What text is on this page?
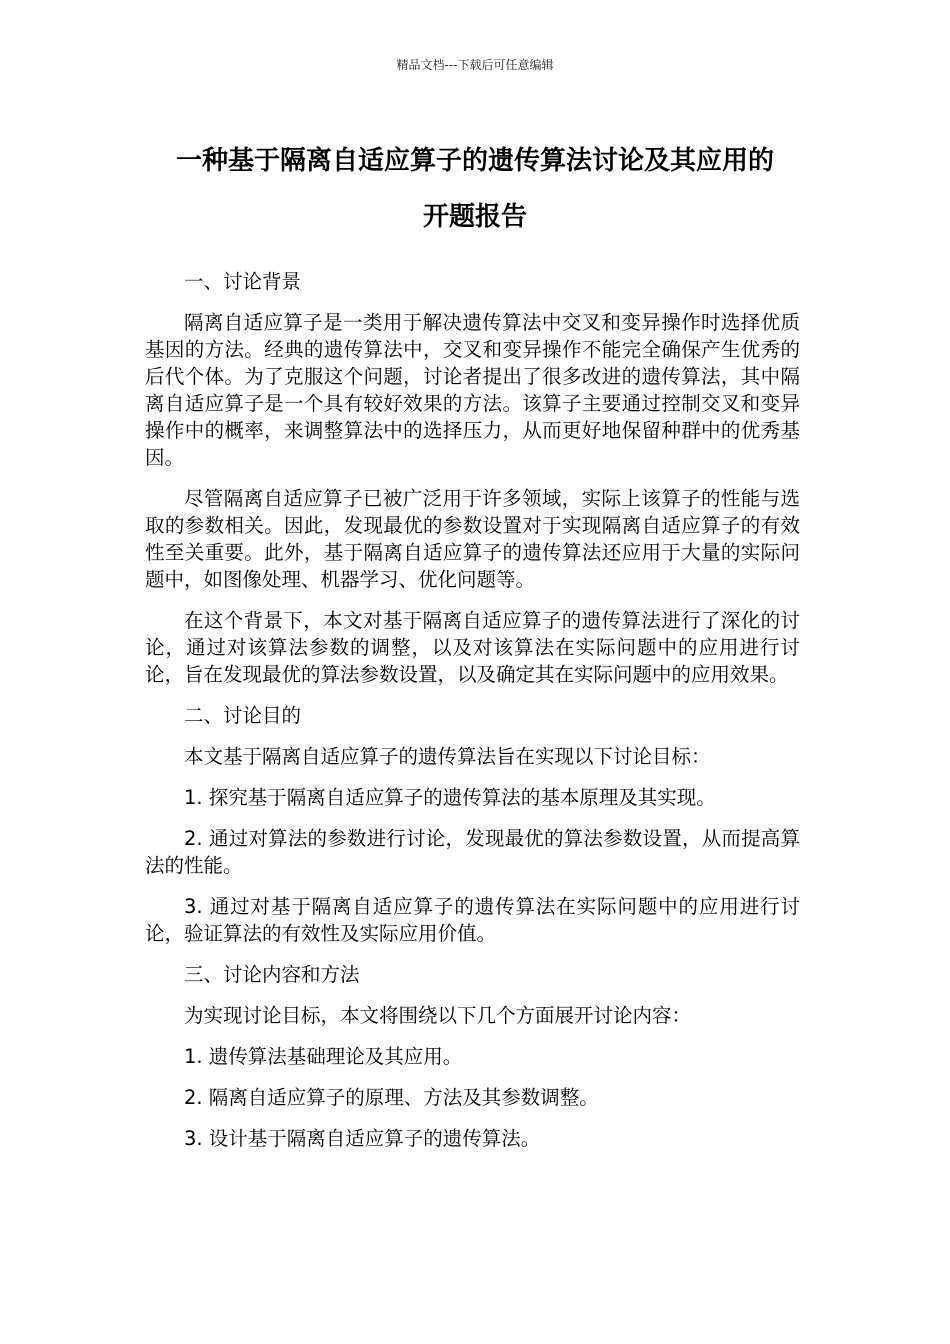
精品文档---下载后可任意编辑
一种基于隔离自适应算子的遗传算法讨论及其应用的
开题报告

一、讨论背景

隔离自适应算子是一类用于解决遗传算法中交叉和变异操作时选择优质基因的方法。经典的遗传算法中，交叉和变异操作不能完全确保产生优秀的后代个体。为了克服这个问题，讨论者提出了很多改进的遗传算法，其中隔离自适应算子是一个具有较好效果的方法。该算子主要通过控制交叉和变异操作中的概率，来调整算法中的选择压力，从而更好地保留种群中的优秀基因。

尽管隔离自适应算子已被广泛用于许多领域，实际上该算子的性能与选取的参数相关。因此，发现最优的参数设置对于实现隔离自适应算子的有效性至关重要。此外，基于隔离自适应算子的遗传算法还应用于大量的实际问题中，如图像处理、机器学习、优化问题等。

在这个背景下，本文对基于隔离自适应算子的遗传算法进行了深化的讨论，通过对该算法参数的调整，以及对该算法在实际问题中的应用进行讨论，旨在发现最优的算法参数设置，以及确定其在实际问题中的应用效果。

二、讨论目的

本文基于隔离自适应算子的遗传算法旨在实现以下讨论目标：

1. 探究基于隔离自适应算子的遗传算法的基本原理及其实现。

2. 通过对算法的参数进行讨论，发现最优的算法参数设置，从而提高算法的性能。

3. 通过对基于隔离自适应算子的遗传算法在实际问题中的应用进行讨论，验证算法的有效性及实际应用价值。

三、讨论内容和方法

为实现讨论目标，本文将围绕以下几个方面展开讨论内容：

1. 遗传算法基础理论及其应用。

2. 隔离自适应算子的原理、方法及其参数调整。

3. 设计基于隔离自适应算子的遗传算法。
